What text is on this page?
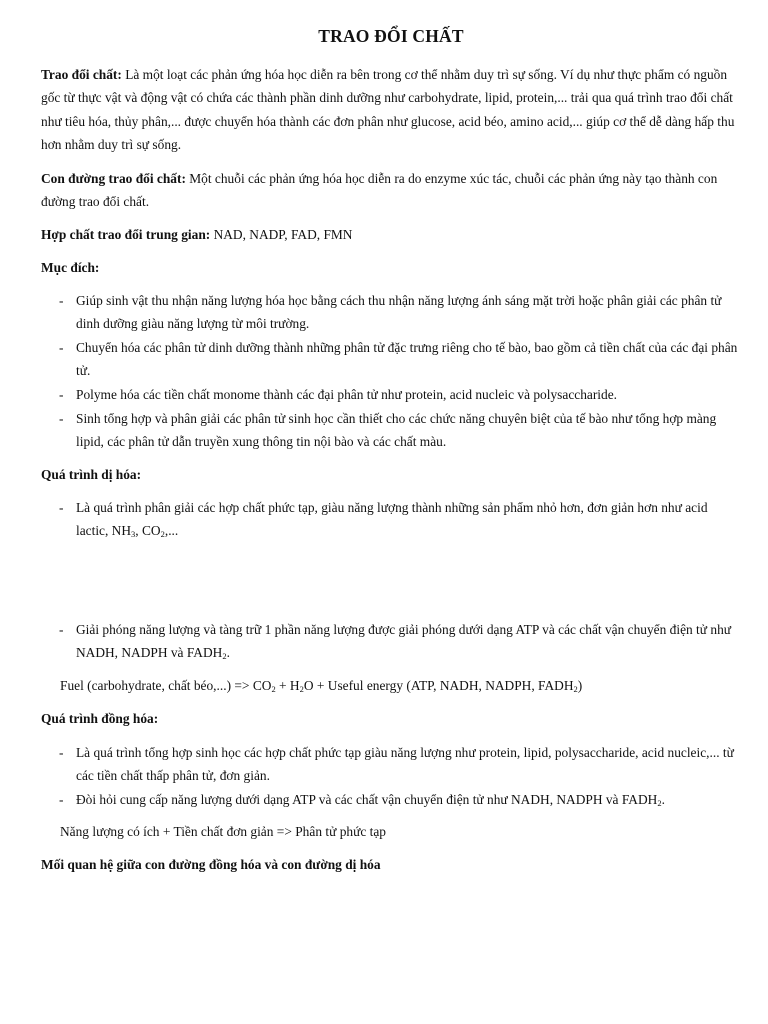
TRAO ĐỔI CHẤT
Trao đổi chất: Là một loạt các phản ứng hóa học diễn ra bên trong cơ thể nhằm duy trì sự sống. Ví dụ như thực phẩm có nguồn gốc từ thực vật và động vật có chứa các thành phần dinh dưỡng như carbohydrate, lipid, protein,... trải qua quá trình trao đổi chất như tiêu hóa, thủy phân,... được chuyển hóa thành các đơn phân như glucose, acid béo, amino acid,... giúp cơ thể dễ dàng hấp thu hơn nhằm duy trì sự sống.
Con đường trao đổi chất: Một chuỗi các phản ứng hóa học diễn ra do enzyme xúc tác, chuỗi các phản ứng này tạo thành con đường trao đổi chất.
Hợp chất trao đổi trung gian: NAD, NADP, FAD, FMN
Mục đích:
- Giúp sinh vật thu nhận năng lượng hóa học bằng cách thu nhận năng lượng ánh sáng mặt trời hoặc phân giải các phân tử dinh dưỡng giàu năng lượng từ môi trường.
- Chuyển hóa các phân tử dinh dưỡng thành những phân tử đặc trưng riêng cho tế bào, bao gồm cả tiền chất của các đại phân tử.
- Polyme hóa các tiền chất monome thành các đại phân tử như protein, acid nucleic và polysaccharide.
- Sinh tổng hợp và phân giải các phân tử sinh học cần thiết cho các chức năng chuyên biệt của tế bào như tổng hợp màng lipid, các phân tử dẫn truyền xung thông tin nội bào và các chất màu.
Quá trình dị hóa:
- Là quá trình phân giải các hợp chất phức tạp, giàu năng lượng thành những sản phẩm nhỏ hơn, đơn giản hơn như acid lactic, $NH_3$, $CO_2$,...
- Giải phóng năng lượng và tàng trữ 1 phần năng lượng được giải phóng dưới dạng ATP và các chất vận chuyển điện tử như NADH, NADPH và $FADH_2$.
Fuel (carbohydrate, chất béo,...) => $CO_2 + H_2O$ + Useful energy (ATP, NADH, NADPH, $FADH_2$)
Quá trình đồng hóa:
- Là quá trình tổng hợp sinh học các hợp chất phức tạp giàu năng lượng như protein, lipid, polysaccharide, acid nucleic,... từ các tiền chất thấp phân tử, đơn giản.
- Đòi hỏi cung cấp năng lượng dưới dạng ATP và các chất vận chuyển điện tử như NADH, NADPH và $FADH_2$.
Năng lượng có ích + Tiền chất đơn giản => Phân tử phức tạp
Mối quan hệ giữa con đường đồng hóa và con đường dị hóa
